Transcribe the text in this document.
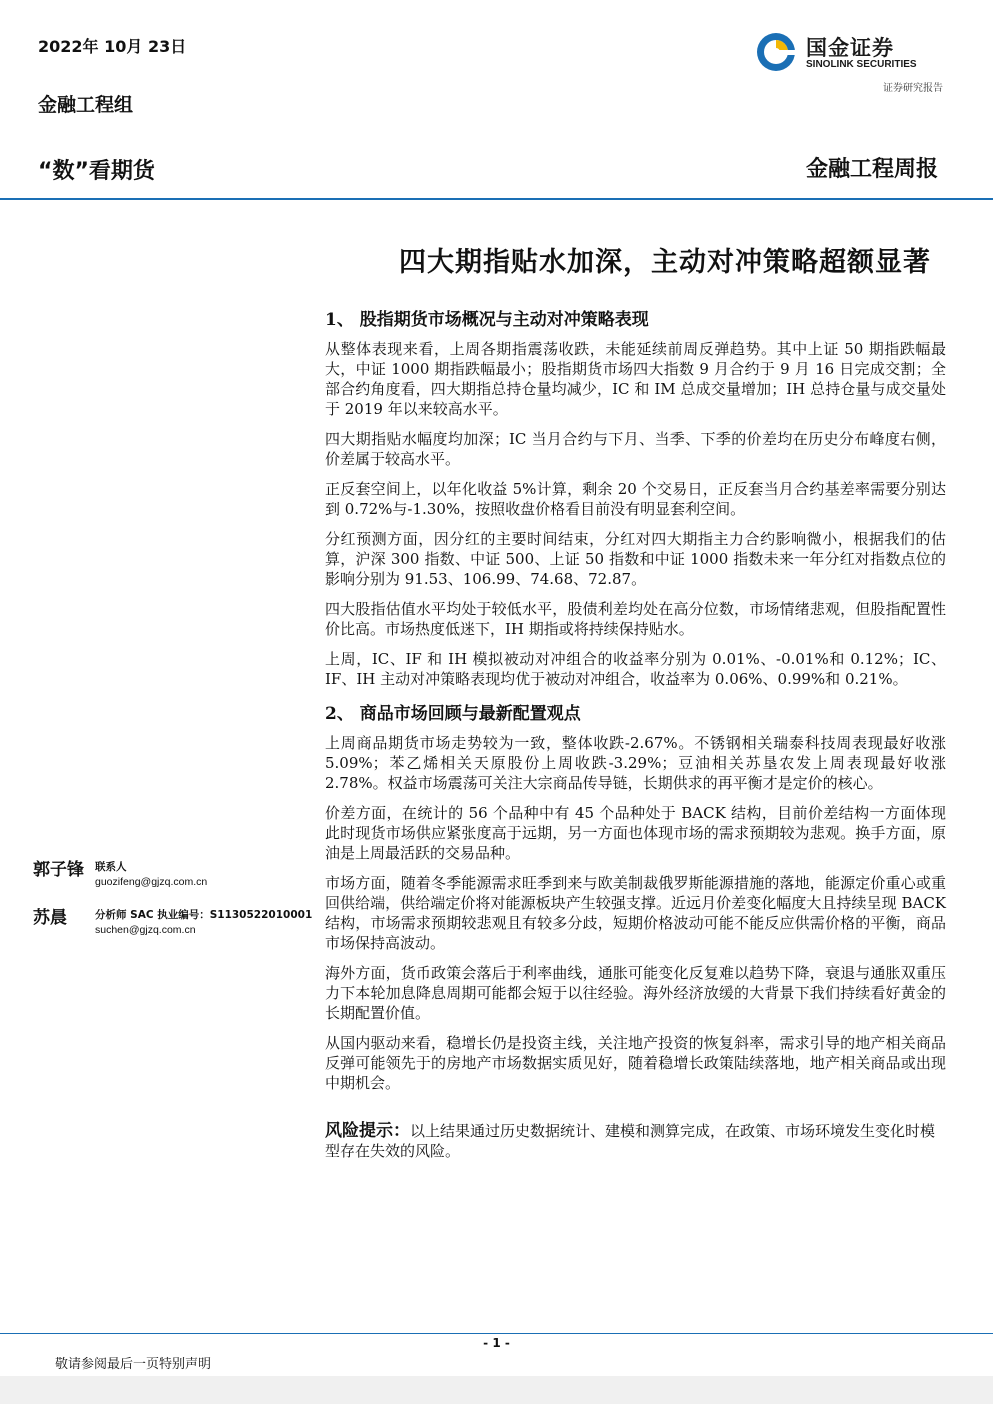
2022年 10月 23日
金融工程组
“数”看期货	金融工程周报
国金证券
SINOLINK SECURITIES
证券研究报告
四大期指贴水加深，主动对冲策略超额显著
1、 股指期货市场概况与主动对冲策略表现

从整体表现来看，上周各期指震荡收跌，未能延续前周反弹趋势。其中上证 50 期指跌幅最大，中证 1000 期指跌幅最小；股指期货市场四大指数 9 月合约于 9 月 16 日完成交割；全部合约角度看，四大期指总持仓量均减少，IC 和 IM 总成交量增加；IH 总持仓量与成交量处于 2019 年以来较高水平。

四大期指贴水幅度均加深；IC 当月合约与下月、当季、下季的价差均在历史分布峰度右侧，价差属于较高水平。

正反套空间上，以年化收益 5%计算，剩余 20 个交易日，正反套当月合约基差率需要分别达到 0.72%与-1.30%，按照收盘价格看目前没有明显套利空间。

分红预测方面，因分红的主要时间结束，分红对四大期指主力合约影响微小，根据我们的估算，沪深 300 指数、中证 500、上证 50 指数和中证 1000 指数未来一年分红对指数点位的影响分别为 91.53、106.99、74.68、72.87。

四大股指估值水平均处于较低水平，股债利差均处在高分位数，市场情绪悲观，但股指配置性价比高。市场热度低迷下，IH 期指或将持续保持贴水。

上周，IC、IF 和 IH 模拟被动对冲组合的收益率分别为 0.01%、-0.01%和 0.12%；IC、IF、IH 主动对冲策略表现均优于被动对冲组合，收益率为 0.06%、0.99%和 0.21%。

2、 商品市场回顾与最新配置观点

上周商品期货市场走势较为一致，整体收跌-2.67%。不锈钢相关瑞泰科技周表现最好收涨 5.09%；苯乙烯相关天原股份上周收跌-3.29%；豆油相关苏垦农发上周表现最好收涨 2.78%。权益市场震荡可关注大宗商品传导链，长期供求的再平衡才是定价的核心。

价差方面，在统计的 56 个品种中有 45 个品种处于 BACK 结构，目前价差结构一方面体现此时现货市场供应紧张度高于远期，另一方面也体现市场的需求预期较为悲观。换手方面，原油是上周最活跃的交易品种。

市场方面，随着冬季能源需求旺季到来与欧美制裁俄罗斯能源措施的落地，能源定价重心或重回供给端，供给端定价将对能源板块产生较强支撑。近远月价差变化幅度大且持续呈现 BACK 结构，市场需求预期较悲观且有较多分歧，短期价格波动可能不能反应供需价格的平衡，商品市场保持高波动。

海外方面，货币政策会落后于利率曲线，通胀可能变化反复难以趋势下降，衰退与通胀双重压力下本轮加息降息周期可能都会短于以往经验。海外经济放缓的大背景下我们持续看好黄金的长期配置价值。

从国内驱动来看，稳增长仍是投资主线，关注地产投资的恢复斜率，需求引导的地产相关商品反弹可能领先于的房地产市场数据实质见好，随着稳增长政策陆续落地，地产相关商品或出现中期机会。

风险提示：以上结果通过历史数据统计、建模和测算完成，在政策、市场环境发生变化时模型存在失效的风险。
郭子锋 联系人
guozifeng@gjzq.com.cn
苏晨	分析师 SAC 执业编号：S1130522010001
suchen@gjzq.com.cn
- 1 -
敬请参阅最后一页特别声明
